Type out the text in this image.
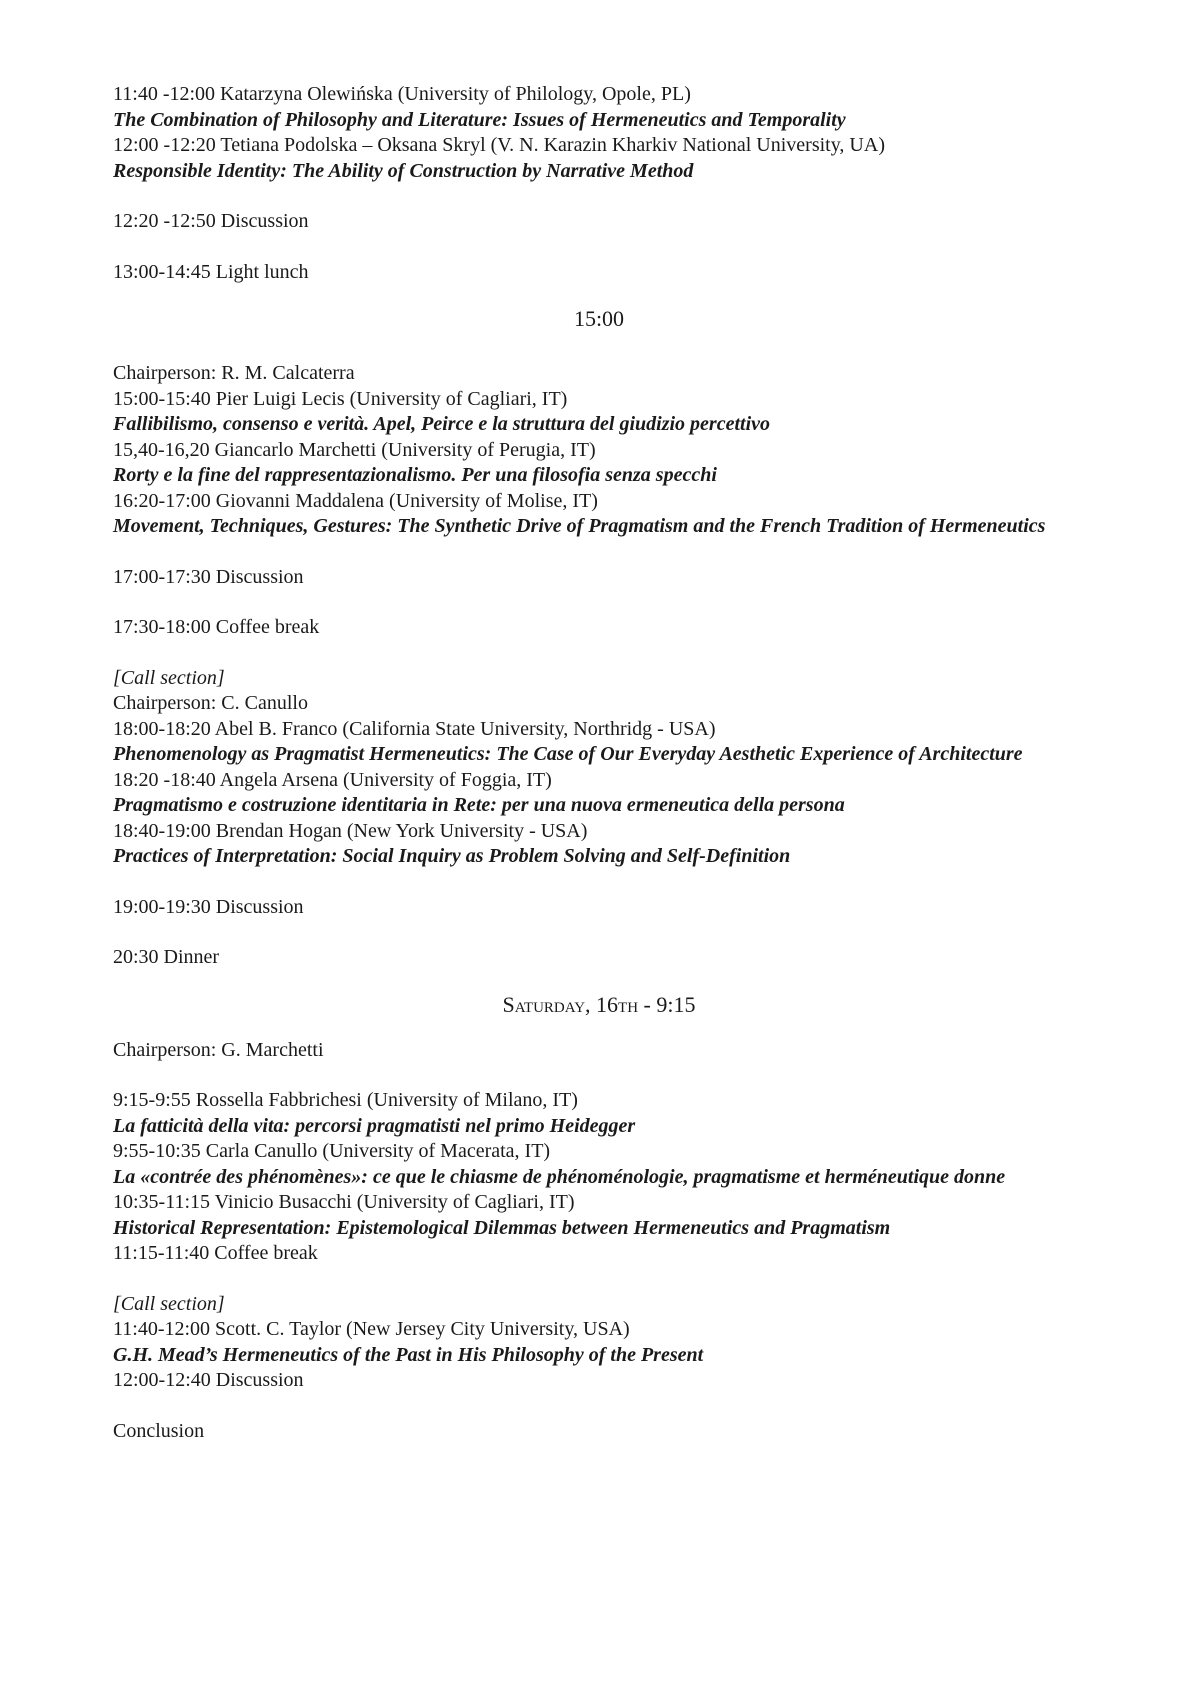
11:40 -12:00 Katarzyna Olewińska (University of Philology, Opole, PL)
The Combination of Philosophy and Literature: Issues of Hermeneutics and Temporality
12:00 -12:20 Tetiana Podolska – Oksana Skryl (V. N. Karazin Kharkiv National University, UA)
Responsible Identity: The Ability of Construction by Narrative Method
12:20 -12:50 Discussion
13:00-14:45 Light lunch

15:00

Chairperson: R. M. Calcaterra
15:00-15:40 Pier Luigi Lecis (University of Cagliari, IT)
Fallibilismo, consenso e verità. Apel, Peirce e la struttura del giudizio percettivo
15,40-16,20 Giancarlo Marchetti (University of Perugia, IT)
Rorty e la fine del rappresentazionalismo. Per una filosofia senza specchi
16:20-17:00 Giovanni Maddalena (University of Molise, IT)
Movement, Techniques, Gestures: The Synthetic Drive of Pragmatism and the French Tradition of Hermeneutics
17:00-17:30 Discussion
17:30-18:00 Coffee break
[Call section]
Chairperson: C. Canullo
18:00-18:20 Abel B. Franco (California State University, Northridg - USA)
Phenomenology as Pragmatist Hermeneutics: The Case of Our Everyday Aesthetic Experience of Architecture
18:20 -18:40 Angela Arsena (University of Foggia, IT)
Pragmatismo e costruzione identitaria in Rete: per una nuova ermeneutica della persona
18:40-19:00 Brendan Hogan (New York University - USA)
Practices of Interpretation: Social Inquiry as Problem Solving and Self-Definition
19:00-19:30 Discussion
20:30 Dinner

Saturday, 16th - 9:15

Chairperson: G. Marchetti
9:15-9:55 Rossella Fabbrichesi (University of Milano, IT)
La fatticità della vita: percorsi pragmatisti nel primo Heidegger
9:55-10:35 Carla Canullo (University of Macerata, IT)
La «contrée des phénomènes»: ce que le chiasme de phénoménologie, pragmatisme et herméneutique donne
10:35-11:15 Vinicio Busacchi (University of Cagliari, IT)
Historical Representation: Epistemological Dilemmas between Hermeneutics and Pragmatism
11:15-11:40 Coffee break
[Call section]
11:40-12:00 Scott. C. Taylor (New Jersey City University, USA)
G.H. Mead’s Hermeneutics of the Past in His Philosophy of the Present
12:00-12:40 Discussion
Conclusion
